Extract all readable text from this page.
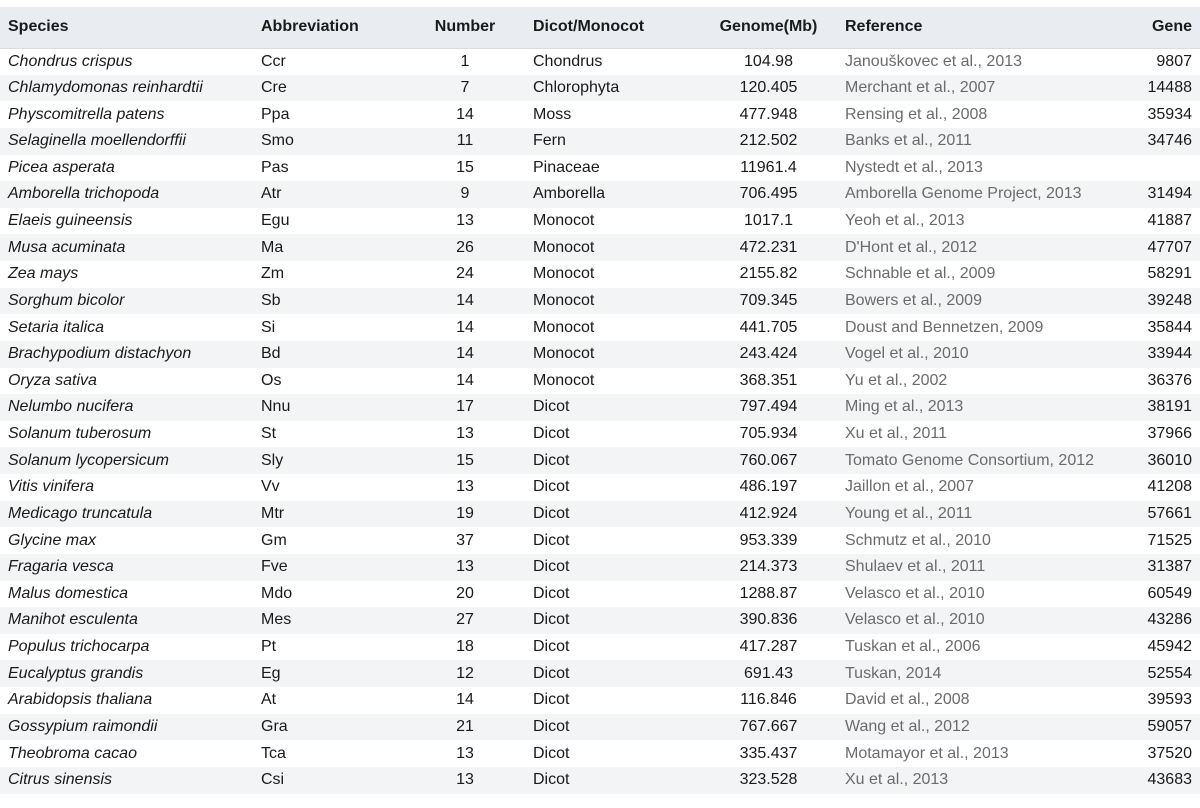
Species	Abbreviation	Number	Dicot/Monocot	Genome(Mb)	Reference	Gene
Chondrus crispus	Ccr	1	Chondrus	104.98	Janouškovec et al., 2013	9807
Chlamydomonas reinhardtii	Cre	7	Chlorophyta	120.405	Merchant et al., 2007	14488
Physcomitrella patens	Ppa	14	Moss	477.948	Rensing et al., 2008	35934
Selaginella moellendorffii	Smo	11	Fern	212.502	Banks et al., 2011	34746
Picea asperata	Pas	15	Pinaceae	11961.4	Nystedt et al., 2013	
Amborella trichopoda	Atr	9	Amborella	706.495	Amborella Genome Project, 2013	31494
Elaeis guineensis	Egu	13	Monocot	1017.1	Yeoh et al., 2013	41887
Musa acuminata	Ma	26	Monocot	472.231	D'Hont et al., 2012	47707
Zea mays	Zm	24	Monocot	2155.82	Schnable et al., 2009	58291
Sorghum bicolor	Sb	14	Monocot	709.345	Bowers et al., 2009	39248
Setaria italica	Si	14	Monocot	441.705	Doust and Bennetzen, 2009	35844
Brachypodium distachyon	Bd	14	Monocot	243.424	Vogel et al., 2010	33944
Oryza sativa	Os	14	Monocot	368.351	Yu et al., 2002	36376
Nelumbo nucifera	Nnu	17	Dicot	797.494	Ming et al., 2013	38191
Solanum tuberosum	St	13	Dicot	705.934	Xu et al., 2011	37966
Solanum lycopersicum	Sly	15	Dicot	760.067	Tomato Genome Consortium, 2012	36010
Vitis vinifera	Vv	13	Dicot	486.197	Jaillon et al., 2007	41208
Medicago truncatula	Mtr	19	Dicot	412.924	Young et al., 2011	57661
Glycine max	Gm	37	Dicot	953.339	Schmutz et al., 2010	71525
Fragaria vesca	Fve	13	Dicot	214.373	Shulaev et al., 2011	31387
Malus domestica	Mdo	20	Dicot	1288.87	Velasco et al., 2010	60549
Manihot esculenta	Mes	27	Dicot	390.836	Velasco et al., 2010	43286
Populus trichocarpa	Pt	18	Dicot	417.287	Tuskan et al., 2006	45942
Eucalyptus grandis	Eg	12	Dicot	691.43	Tuskan, 2014	52554
Arabidopsis thaliana	At	14	Dicot	116.846	David et al., 2008	39593
Gossypium raimondii	Gra	21	Dicot	767.667	Wang et al., 2012	59057
Theobroma cacao	Tca	13	Dicot	335.437	Motamayor et al., 2013	37520
Citrus sinensis	Csi	13	Dicot	323.528	Xu et al., 2013	43683
